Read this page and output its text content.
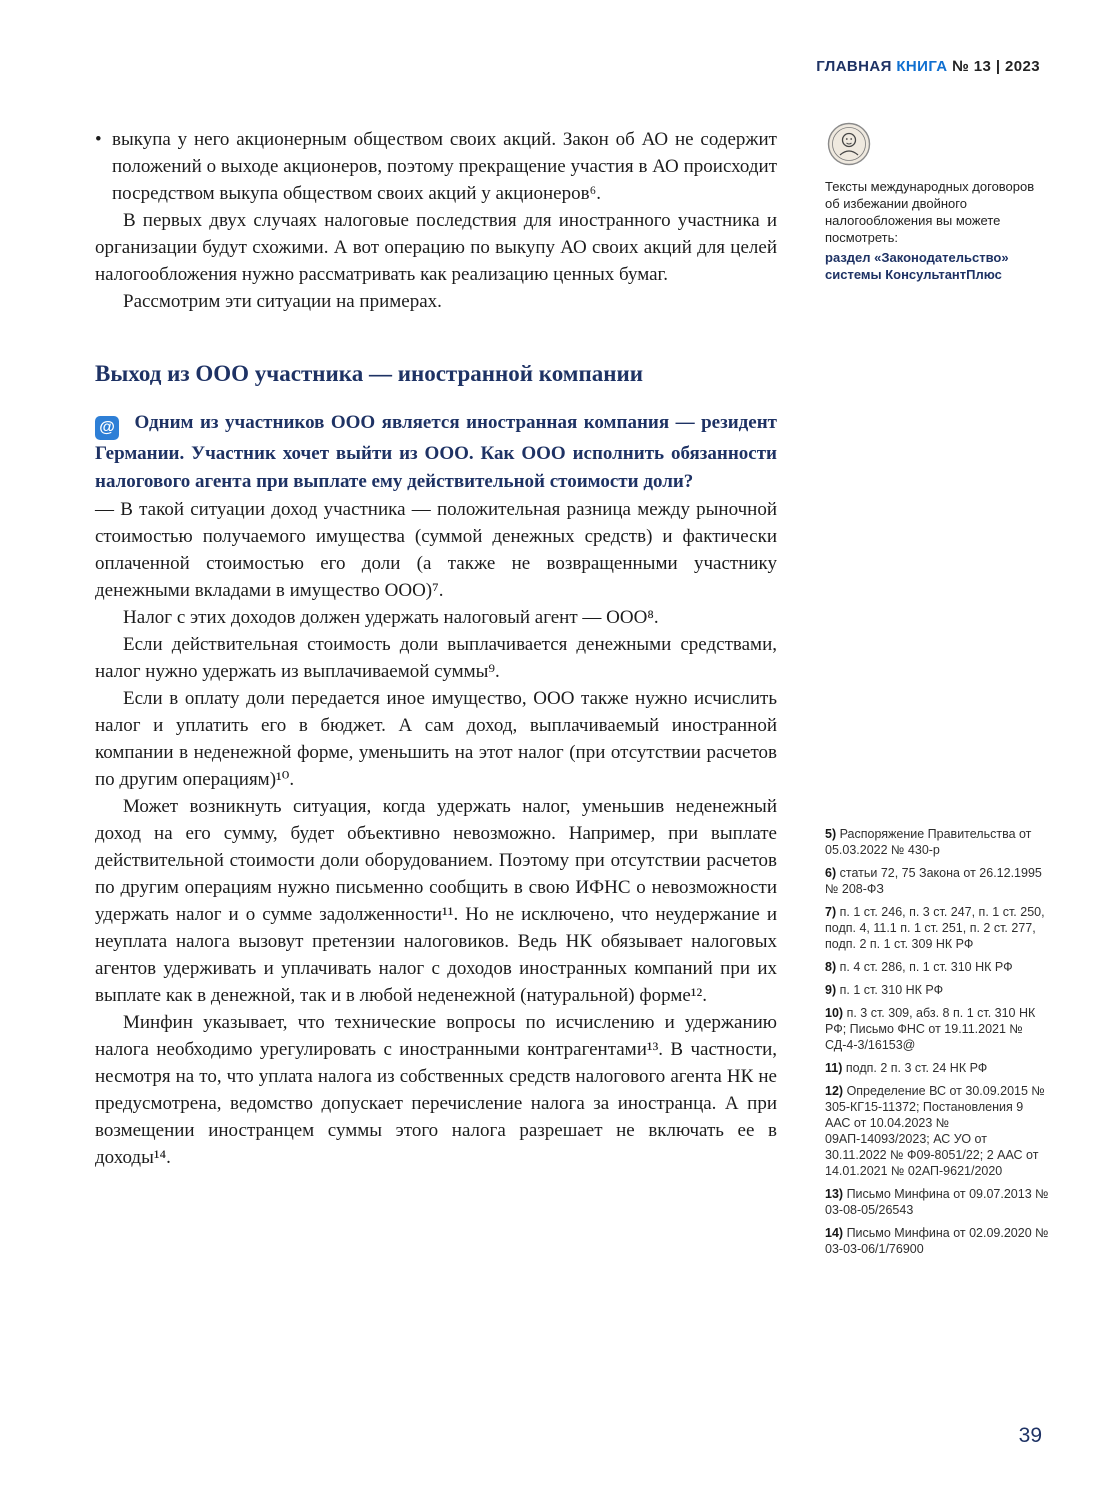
ГЛАВНАЯ КНИГА № 13 | 2023

• выкупа у него акционерным обществом своих акций. Закон об АО не содержит положений о выходе акционеров, поэтому прекращение участия в АО происходит посредством выкупа обществом своих акций у акционеров⁶.

В первых двух случаях налоговые последствия для иностранного участника и организации будут схожими. А вот операцию по выкупу АО своих акций для целей налогообложения нужно рассматривать как реализацию ценных бумаг.

Рассмотрим эти ситуации на примерах.

Выход из ООО участника — иностранной компании

@ Одним из участников ООО является иностранная компания — резидент Германии. Участник хочет выйти из ООО. Как ООО исполнить обязанности налогового агента при выплате ему действительной стоимости доли?

— В такой ситуации доход участника — положительная разница между рыночной стоимостью получаемого имущества (суммой денежных средств) и фактически оплаченной стоимостью его доли (а также не возвращенными участнику денежными вкладами в имущество ООО)⁷.

Налог с этих доходов должен удержать налоговый агент — ООО⁸.

Если действительная стоимость доли выплачивается денежными средствами, налог нужно удержать из выплачиваемой суммы⁹.

Если в оплату доли передается иное имущество, ООО также нужно исчислить налог и уплатить его в бюджет. А сам доход, выплачиваемый иностранной компании в неденежной форме, уменьшить на этот налог (при отсутствии расчетов по другим операциям)¹⁰.

Может возникнуть ситуация, когда удержать налог, уменьшив неденежный доход на его сумму, будет объективно невозможно. Например, при выплате действительной стоимости доли оборудованием. Поэтому при отсутствии расчетов по другим операциям нужно письменно сообщить в свою ИФНС о невозможности удержать налог и о сумме задолженности¹¹. Но не исключено, что неудержание и неуплата налога вызовут претензии налоговиков. Ведь НК обязывает налоговых агентов удерживать и уплачивать налог с доходов иностранных компаний при их выплате как в денежной, так и в любой неденежной (натуральной) форме¹².

Минфин указывает, что технические вопросы по исчислению и удержанию налога необходимо урегулировать с иностранными контрагентами¹³. В частности, несмотря на то, что уплата налога из собственных средств налогового агента НК не предусмотрена, ведомство допускает перечисление налога за иностранца. А при возмещении иностранцем суммы этого налога разрешает не включать ее в доходы¹⁴.

Тексты международных договоров об избежании двойного налогообложения вы можете посмотреть:
раздел «Законодательство» системы КонсультантПлюс
5) Распоряжение Правительства от 05.03.2022 № 430-р
6) статьи 72, 75 Закона от 26.12.1995 № 208-ФЗ
7) п. 1 ст. 246, п. 3 ст. 247, п. 1 ст. 250, подп. 4, 11.1 п. 1 ст. 251, п. 2 ст. 277, подп. 2 п. 1 ст. 309 НК РФ
8) п. 4 ст. 286, п. 1 ст. 310 НК РФ
9) п. 1 ст. 310 НК РФ
10) п. 3 ст. 309, абз. 8 п. 1 ст. 310 НК РФ; Письмо ФНС от 19.11.2021 № СД-4-3/16153@
11) подп. 2 п. 3 ст. 24 НК РФ
12) Определение ВС от 30.09.2015 № 305-КГ15-11372; Постановления 9 ААС от 10.04.2023 № 09АП-14093/2023; АС УО от 30.11.2022 № Ф09-8051/22; 2 ААС от 14.01.2021 № 02АП-9621/2020
13) Письмо Минфина от 09.07.2013 № 03-08-05/26543
14) Письмо Минфина от 02.09.2020 № 03-03-06/1/76900
39
